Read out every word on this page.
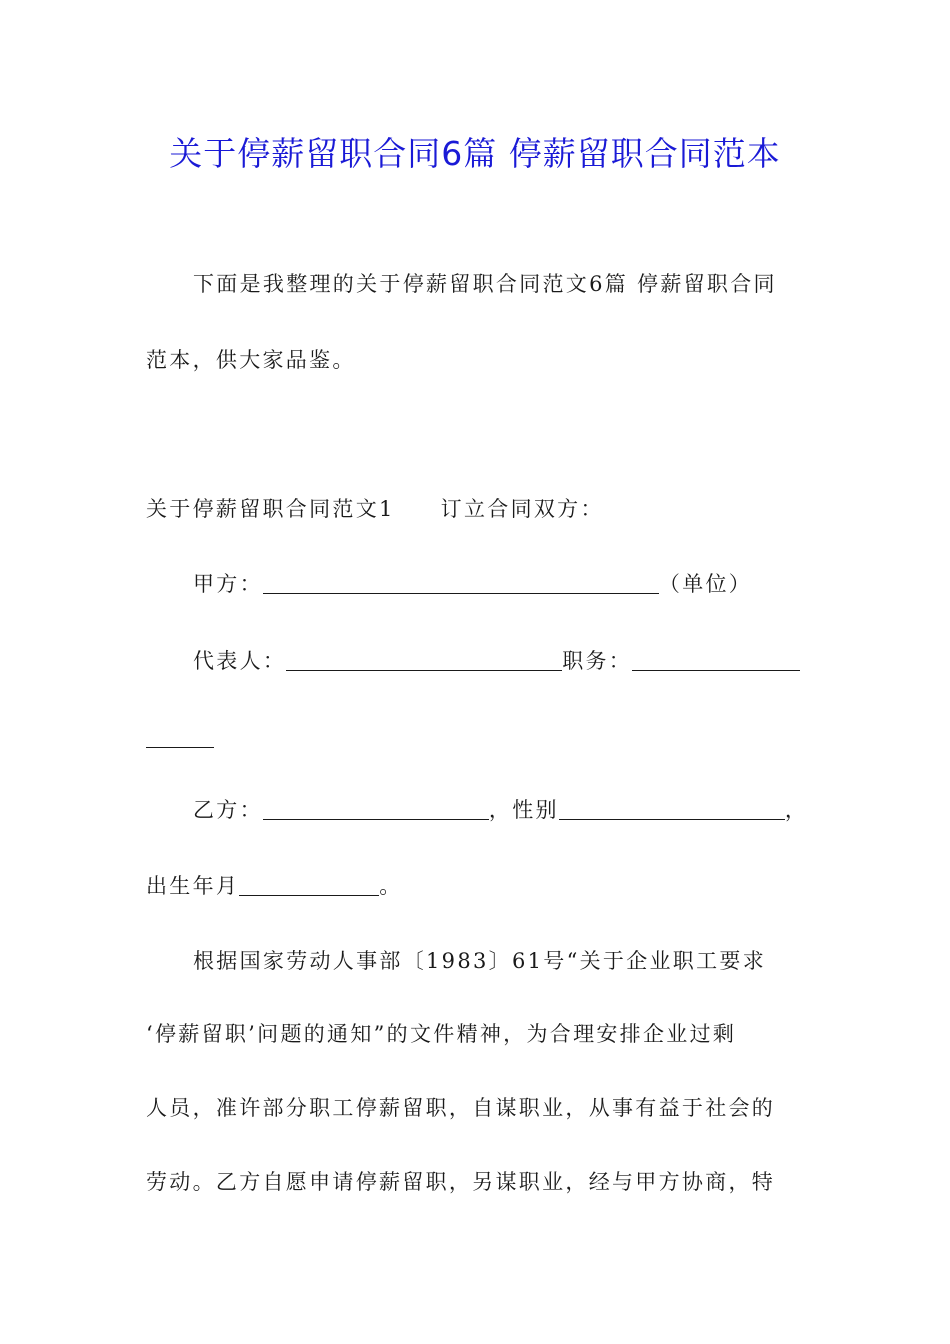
关于停薪留职合同6篇 停薪留职合同范本
下面是我整理的关于停薪留职合同范文6篇 停薪留职合同
范本，供大家品鉴。
关于停薪留职合同范文1 订立合同双方：
甲方：	（单位）
代表人：	职务：
乙方：	，性别	，
出生年月	。
根据国家劳动人事部〔1983〕61号“关于企业职工要求
‘停薪留职’问题的通知”的文件精神，为合理安排企业过剩
人员，准许部分职工停薪留职，自谋职业，从事有益于社会的
劳动。乙方自愿申请停薪留职，另谋职业，经与甲方协商，特
